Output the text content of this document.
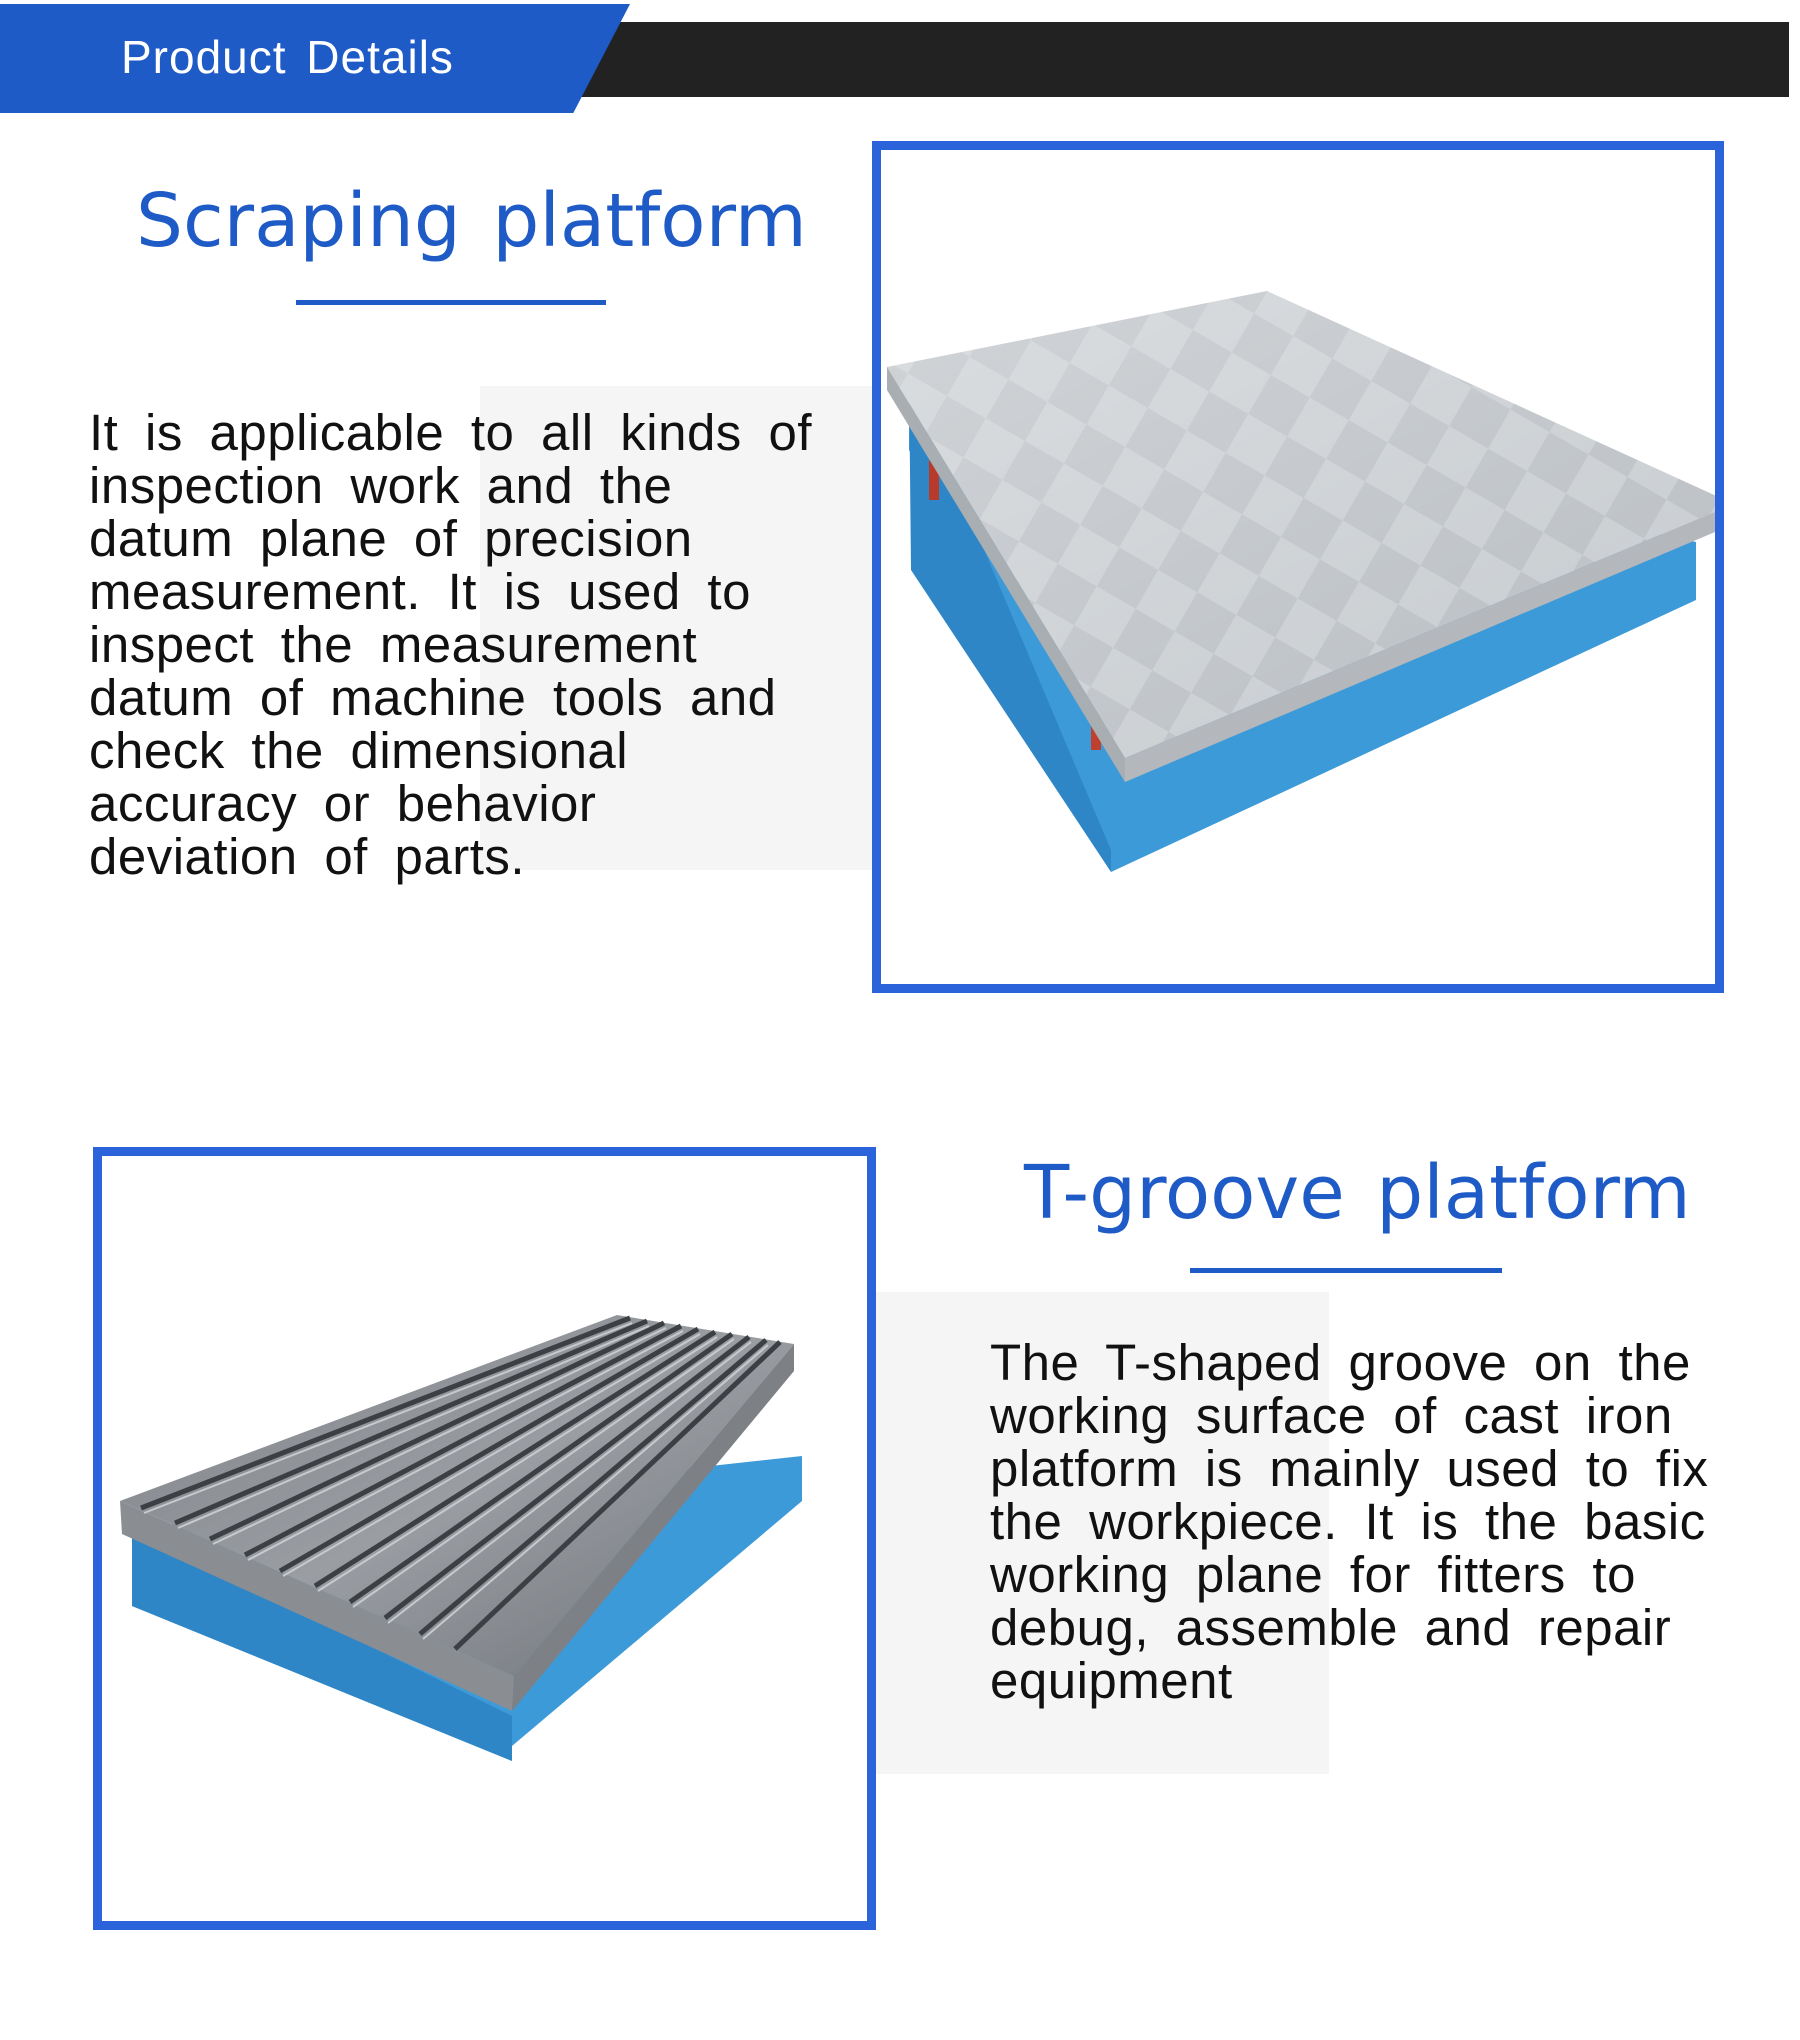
Product Details
Scraping platform
It is applicable to all kinds of
inspection work and the
datum plane of precision
measurement. It is used to
inspect the measurement
datum of machine tools and
check the dimensional
accuracy or behavior
deviation of parts.
T-groove platform
The T-shaped groove on the
working surface of cast iron
platform is mainly used to fix
the workpiece. It is the basic
working plane for fitters to
debug, assemble and repair
equipment
